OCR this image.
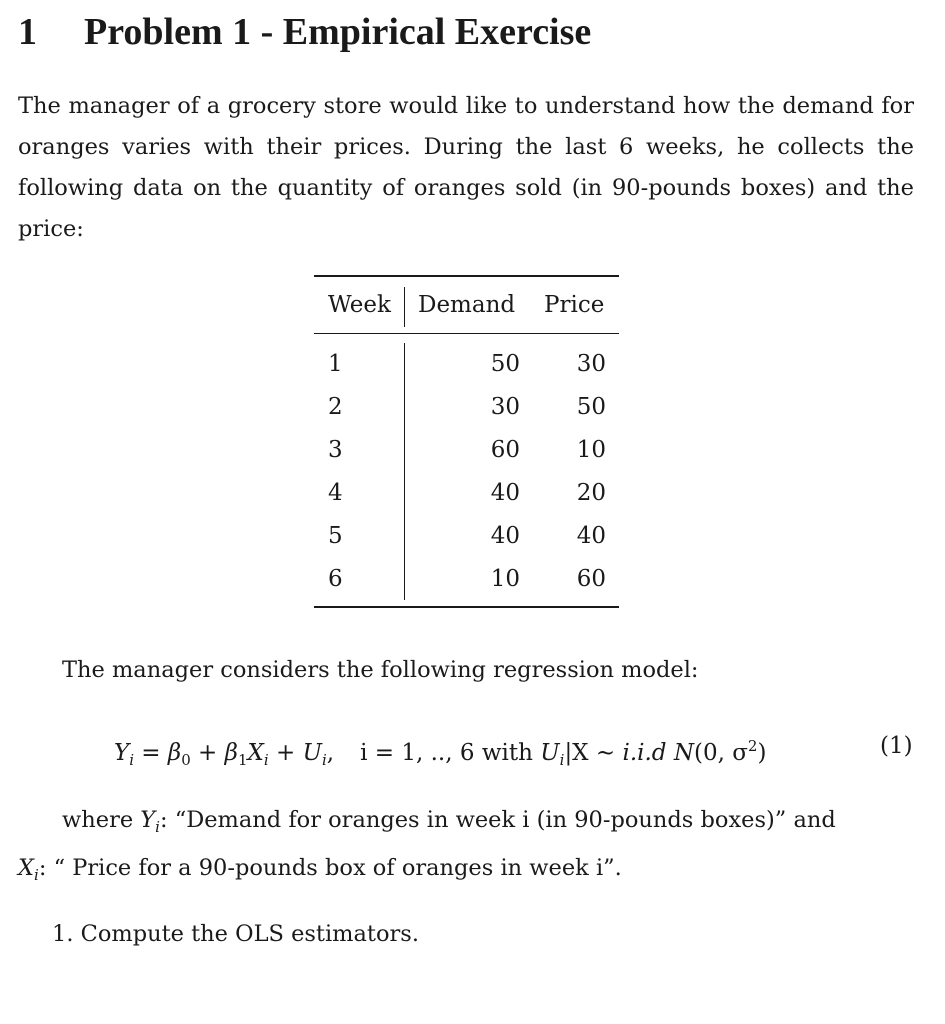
1 Problem 1 - Empirical Exercise
The manager of a grocery store would like to understand how the demand for oranges varies with their prices. During the last 6 weeks, he collects the following data on the quantity of oranges sold (in 90-pounds boxes) and the price:
Week Demand Price
1	50	30
2	30	50
3	60	10
4	40	20
5	40	40
6	10	60
The manager considers the following regression model:
$Y_i = \beta_0 + \beta_1X_i + U_i$, i = 1, .., 6 with $U_i|X$ ∼ i.i.d N(0, $\sigma^2$)	(1)
where $Y_i$: “Demand for oranges in week i (in 90-pounds boxes)” and
$X_i$: “ Price for a 90-pounds box of oranges in week i”.
1. Compute the OLS estimators.
